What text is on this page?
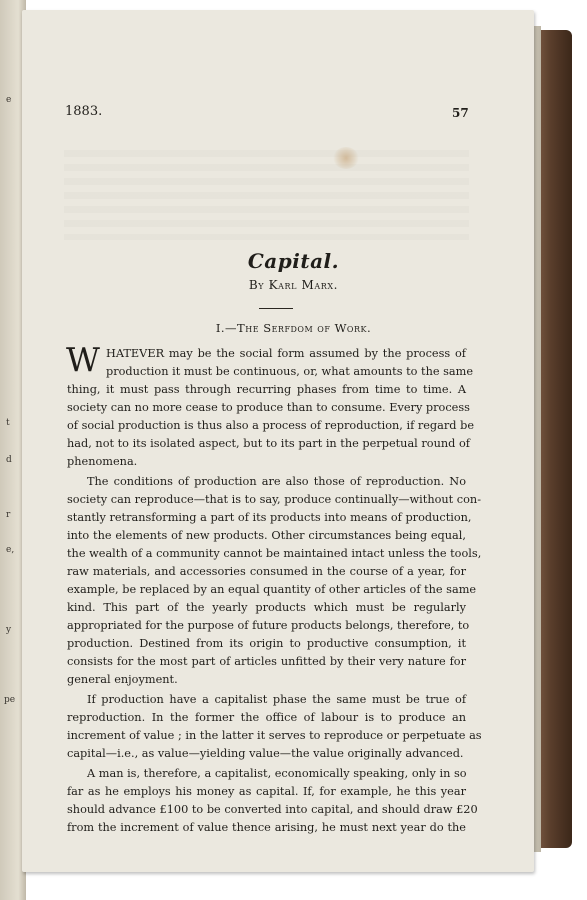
e
t
d
r
e,
y
pe
1883.	57
Capital.
By Karl Marx.
I.—The Serfdom of Work.
W HATEVER may be the social form assumed by the process of
production it must be continuous, or, what amounts to the same
thing, it must pass through recurring phases from time to time. A
society can no more cease to produce than to consume. Every process
of social production is thus also a process of reproduction, if regard be
had, not to its isolated aspect, but to its part in the perpetual round of
phenomena.
The conditions of production are also those of reproduction. No
society can reproduce—that is to say, produce continually—without con-
stantly retransforming a part of its products into means of production,
into the elements of new products. Other circumstances being equal,
the wealth of a community cannot be maintained intact unless the tools,
raw materials, and accessories consumed in the course of a year, for
example, be replaced by an equal quantity of other articles of the same
kind. This part of the yearly products which must be regularly
appropriated for the purpose of future products belongs, therefore, to
production. Destined from its origin to productive consumption, it
consists for the most part of articles unfitted by their very nature for
general enjoyment.
If production have a capitalist phase the same must be true of
reproduction. In the former the office of labour is to produce an
increment of value ; in the latter it serves to reproduce or perpetuate as
capital—i.e., as value—yielding value—the value originally advanced.
A man is, therefore, a capitalist, economically speaking, only in so
far as he employs his money as capital. If, for example, he this year
should advance £100 to be converted into capital, and should draw £20
from the increment of value thence arising, he must next year do the
